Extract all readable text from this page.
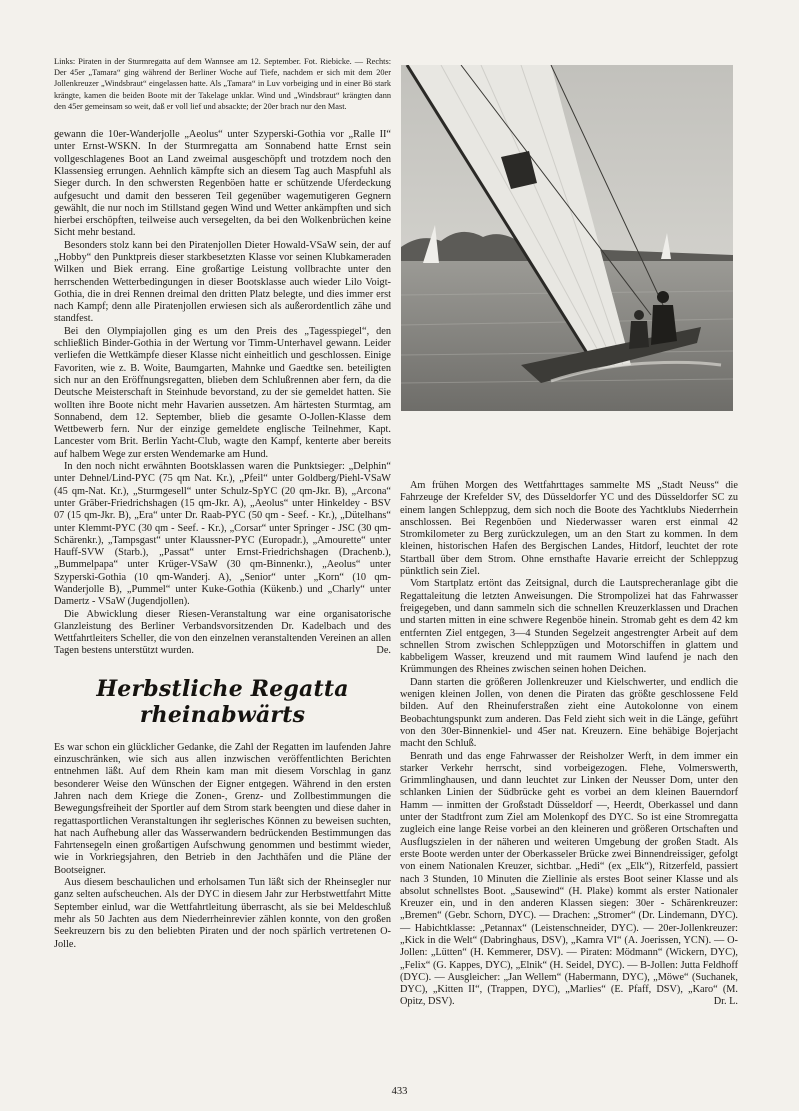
Links: Piraten in der Sturmregatta auf dem Wannsee am 12. September. Fot. Riebicke. — Rechts: Der 45er „Tamara“ ging während der Berliner Woche auf Tiefe, nachdem er sich mit dem 20er Jollenkreuzer „Windsbraut“ eingelassen hatte. Als „Tamara“ in Luv vorbeiging und in einer Bö stark krängte, kamen die beiden Boote mit der Takelage unklar. Wind und „Windsbraut“ krängten dann den 45er gemeinsam so weit, daß er voll lief und absackte; der 20er brach nur den Mast.

gewann die 10er-Wanderjolle „Aeolus“ unter Szyperski-Gothia vor „Ralle II“ unter Ernst-WSKN. In der Sturmregatta am Sonnabend hatte Ernst sein vollgeschlagenes Boot an Land zweimal ausgeschöpft und trotzdem noch den Klassensieg errungen. Aehnlich kämpfte sich an diesem Tag auch Maspfuhl als Sieger durch. In den schwersten Regenböen hatte er schützende Uferdeckung aufgesucht und damit den besseren Teil gegenüber wagemutigeren Gegnern gewählt, die nur noch im Stillstand gegen Wind und Wetter ankämpften und sich hierbei erschöpften, teilweise auch versegelten, da bei den Wolkenbrüchen keine Sicht mehr bestand.

Besonders stolz kann bei den Piratenjollen Dieter Howald-VSaW sein, der auf „Hobby“ den Punktpreis dieser starkbesetzten Klasse vor seinen Klubkameraden Wilken und Biek errang. Eine großartige Leistung vollbrachte unter den herrschenden Wetterbedingungen in dieser Bootsklasse auch wieder Lilo Voigt-Gothia, die in drei Rennen dreimal den dritten Platz belegte, und dies immer erst nach Kampf; denn alle Piratenjollen erwiesen sich als außerordentlich zähe und standfest.

Bei den Olympiajollen ging es um den Preis des „Tagesspiegel“, den schließlich Binder-Gothia in der Wertung vor Timm-Unterhavel gewann. Leider verliefen die Wettkämpfe dieser Klasse nicht einheitlich und geschlossen. Einige Favoriten, wie z. B. Woite, Baumgarten, Mahnke und Gaedtke sen. beteiligten sich nur an den Eröffnungsregatten, blieben dem Schlußrennen aber fern, da die Deutsche Meisterschaft in Steinhude bevorstand, zu der sie gemeldet hatten. Sie wollten ihre Boote nicht mehr Havarien aussetzen. Am härtesten Sturmtag, am Sonnabend, dem 12. September, blieb die gesamte O-Jollen-Klasse dem Wettbewerb fern. Nur der einzige gemeldete englische Teilnehmer, Kapt. Lancester vom Brit. Berlin Yacht-Club, wagte den Kampf, kenterte aber bereits auf halbem Wege zur ersten Wendemarke am Hund.

In den noch nicht erwähnten Bootsklassen waren die Punktsieger: „Delphin“ unter Dehnel/Lind-PYC (75 qm Nat. Kr.), „Pfeil“ unter Goldberg/Piehl-VSaW (45 qm-Nat. Kr.), „Sturmgesell“ unter Schulz-SpYC (20 qm-Jkr. B), „Arcona“ unter Gräber-Friedrichshagen (15 qm-Jkr. A), „Aeolus“ unter Hinkeldey - BSV 07 (15 qm-Jkr. B), „Era“ unter Dr. Raab-PYC (50 qm - Seef. - Kr.), „Dütelhans“ unter Klemmt-PYC (30 qm - Seef. - Kr.), „Corsar“ unter Springer - JSC (30 qm-Schärenkr.), „Tampsgast“ unter Klaussner-PYC (Europadr.), „Amourette“ unter Hauff-SVW (Starb.), „Passat“ unter Ernst-Friedrichshagen (Drachenb.), „Bummelpapa“ unter Krüger-VSaW (30 qm-Binnenkr.), „Aeolus“ unter Szyperski-Gothia (10 qm-Wanderj. A), „Senior“ unter „Korn“ (10 qm-Wanderjolle B), „Pummel“ unter Kuke-Gothia (Kükenb.) und „Charly“ unter Damertz - VSaW (Jugendjollen).

Die Abwicklung dieser Riesen-Veranstaltung war eine organisatorische Glanzleistung des Berliner Verbandsvorsitzenden Dr. Kadelbach und des Wettfahrtleiters Scheller, die von den einzelnen veranstaltenden Vereinen an allen Tagen bestens unterstützt wurden.	De.
Herbstliche Regatta rheinabwärts

Es war schon ein glücklicher Gedanke, die Zahl der Regatten im laufenden Jahre einzuschränken, wie sich aus allen inzwischen veröffentlichten Berichten entnehmen läßt. Auf dem Rhein kam man mit diesem Vorschlag in ganz besonderer Weise den Wünschen der Eigner entgegen. Während in den ersten Jahren nach dem Kriege die Zonen-, Grenz- und Zollbestimmungen die Bewegungsfreiheit der Sportler auf dem Strom stark beengten und diese daher in regattasportlichen Veranstaltungen ihr seglerisches Können zu beweisen suchten, hat nach Aufhebung aller das Wasserwandern bedrückenden Bestimmungen das Fahrtensegeln einen großartigen Aufschwung genommen und bestimmt wieder, wie in Vorkriegsjahren, den Betrieb in den Jachthäfen und die Pläne der Bootseigner.

Aus diesem beschaulichen und erholsamen Tun läßt sich der Rheinsegler nur ganz selten aufscheuchen. Als der DYC in diesem Jahr zur Herbstwettfahrt Mitte September einlud, war die Wettfahrtleitung überrascht, als sie bei Meldeschluß mehr als 50 Jachten aus dem Niederrheinrevier zählen konnte, von den großen Seekreuzern bis zu den beliebten Piraten und der noch spärlich vertretenen O-Jolle.

Am frühen Morgen des Wettfahrttages sammelte MS „Stadt Neuss“ die Fahrzeuge der Krefelder SV, des Düsseldorfer YC und des Düsseldorfer SC zu einem langen Schleppzug, dem sich noch die Boote des Yachtklubs Niederrhein anschlossen. Bei Regenböen und Niederwasser waren erst einmal 42 Stromkilometer zu Berg zurückzulegen, um an den Start zu kommen. In dem kleinen, historischen Hafen des Bergischen Landes, Hitdorf, leuchtet der rote Startball über dem Strom. Ohne ernsthafte Havarie erreicht der Schleppzug pünktlich sein Ziel.

Vom Startplatz ertönt das Zeitsignal, durch die Lautsprecheranlage gibt die Regattaleitung die letzten Anweisungen. Die Strompolizei hat das Fahrwasser freigegeben, und dann sammeln sich die schnellen Kreuzerklassen und Drachen und starten mitten in eine schwere Regenböe hinein. Stromab geht es dem 42 km entfernten Ziel entgegen, 3—4 Stunden Segelzeit angestrengter Arbeit auf dem schnellen Strom zwischen Schleppzügen und Motorschiffen in glattem und kabbeligem Wasser, kreuzend und mit raumem Wind laufend je nach den Krümmungen des Rheines zwischen seinen hohen Deichen.

Dann starten die größeren Jollenkreuzer und Kielschwerter, und endlich die wenigen kleinen Jollen, von denen die Piraten das größte geschlossene Feld bilden. Auf den Rheinuferstraßen zieht eine Autokolonne von einem Beobachtungspunkt zum anderen. Das Feld zieht sich weit in die Länge, geführt von den 30er-Binnenkiel- und 45er nat. Kreuzern. Eine behäbige Bojerjacht macht den Schluß.

Benrath und das enge Fahrwasser der Reisholzer Werft, in dem immer ein starker Verkehr herrscht, sind vorbeigezogen. Flehe, Volmerswerth, Grimmlinghausen, und dann leuchtet zur Linken der Neusser Dom, unter den schlanken Linien der Südbrücke geht es vorbei an dem kleinen Bauerndorf Hamm — inmitten der Großstadt Düsseldorf —, Heerdt, Oberkassel und dann unter der Stadtfront zum Ziel am Molenkopf des DYC. So ist eine Stromregatta zugleich eine lange Reise vorbei an den kleineren und größeren Ortschaften und Ausflugszielen in der näheren und weiteren Umgebung der großen Stadt. Als erste Boote werden unter der Oberkasseler Brücke zwei Binnendreissiger, gefolgt von einem Nationalen Kreuzer, sichtbar. „Hedi“ (ex „Elk“), Ritzerfeld, passiert nach 3 Stunden, 10 Minuten die Ziellinie als erstes Boot seiner Klasse und als absolut schnellstes Boot. „Sausewind“ (H. Plake) kommt als erster Nationaler Kreuzer ein, und in den anderen Klassen siegen: 30er - Schärenkreuzer: „Bremen“ (Gebr. Schorn, DYC). — Drachen: „Stromer“ (Dr. Lindemann, DYC). — Habichtklasse: „Petannax“ (Leistenschneider, DYC). — 20er-Jollenkreuzer: „Kick in die Welt“ (Dabringhaus, DSV), „Kamra VI“ (A. Joerissen, YCN). — O-Jollen: „Lütten“ (H. Kemmerer, DSV). — Piraten: Mödmann“ (Wickern, DYC), „Felix“ (G. Kappes, DYC), „Elnik“ (H. Seidel, DYC). — B-Jollen: Jutta Feldhoff (DYC). — Ausgleicher: „Jan Wellem“ (Habermann, DYC), „Möwe“ (Suchanek, DYC), „Kitten II“, (Trappen, DYC), „Marlies“ (E. Pfaff, DSV), „Karo“ (M. Opitz, DSV).	Dr. L.
433
